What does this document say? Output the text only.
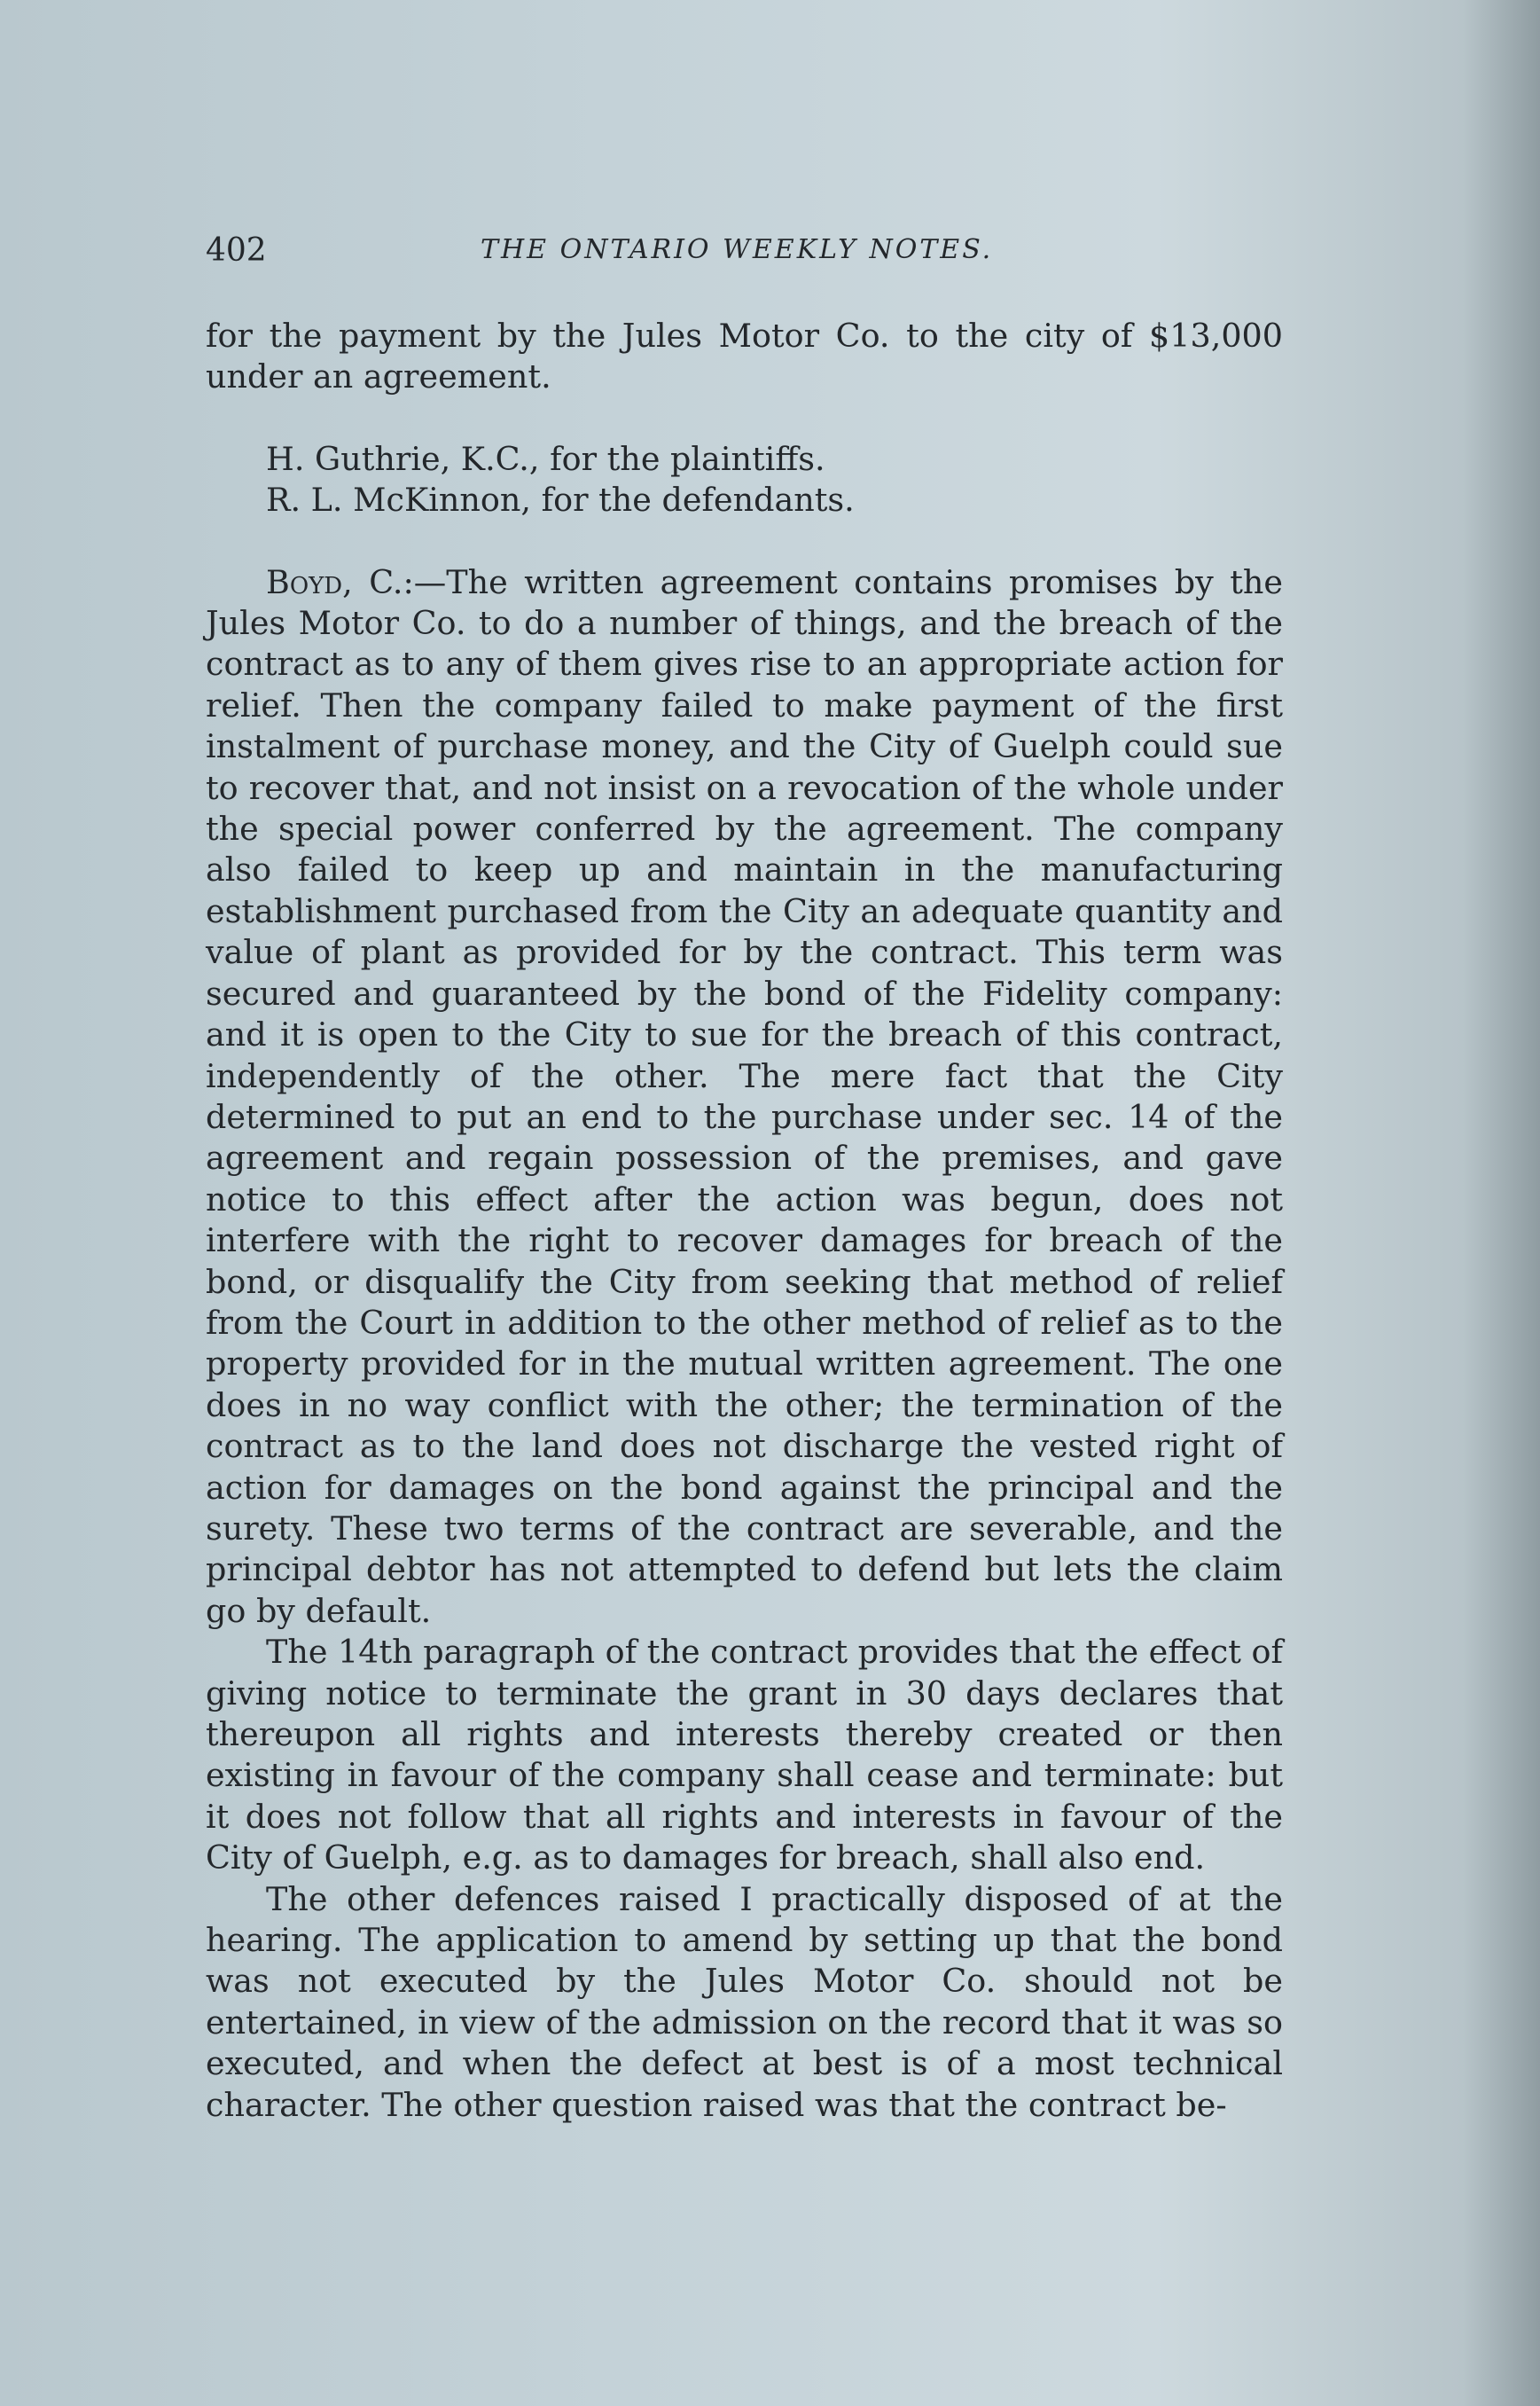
402	THE ONTARIO WEEKLY NOTES.

for the payment by the Jules Motor Co. to the city of $13,000 under an agreement.

H. Guthrie, K.C., for the plaintiffs.

R. L. McKinnon, for the defendants.

Boyd, C.:—The written agreement contains promises by the Jules Motor Co. to do a number of things, and the breach of the contract as to any of them gives rise to an appropriate action for relief. Then the company failed to make payment of the first instalment of purchase money, and the City of Guelph could sue to recover that, and not insist on a revocation of the whole under the special power conferred by the agreement. The company also failed to keep up and maintain in the manufacturing establishment purchased from the City an adequate quantity and value of plant as provided for by the contract. This term was secured and guaranteed by the bond of the Fidelity company: and it is open to the City to sue for the breach of this contract, independently of the other. The mere fact that the City determined to put an end to the purchase under sec. 14 of the agreement and regain possession of the premises, and gave notice to this effect after the action was begun, does not interfere with the right to recover damages for breach of the bond, or disqualify the City from seeking that method of relief from the Court in addition to the other method of relief as to the property provided for in the mutual written agreement. The one does in no way conflict with the other; the termination of the contract as to the land does not discharge the vested right of action for damages on the bond against the principal and the surety. These two terms of the contract are severable, and the principal debtor has not attempted to defend but lets the claim go by default.

The 14th paragraph of the contract provides that the effect of giving notice to terminate the grant in 30 days declares that thereupon all rights and interests thereby created or then existing in favour of the company shall cease and terminate: but it does not follow that all rights and interests in favour of the City of Guelph, e.g. as to damages for breach, shall also end.

The other defences raised I practically disposed of at the hearing. The application to amend by setting up that the bond was not executed by the Jules Motor Co. should not be entertained, in view of the admission on the record that it was so executed, and when the defect at best is of a most technical character. The other question raised was that the contract be-
